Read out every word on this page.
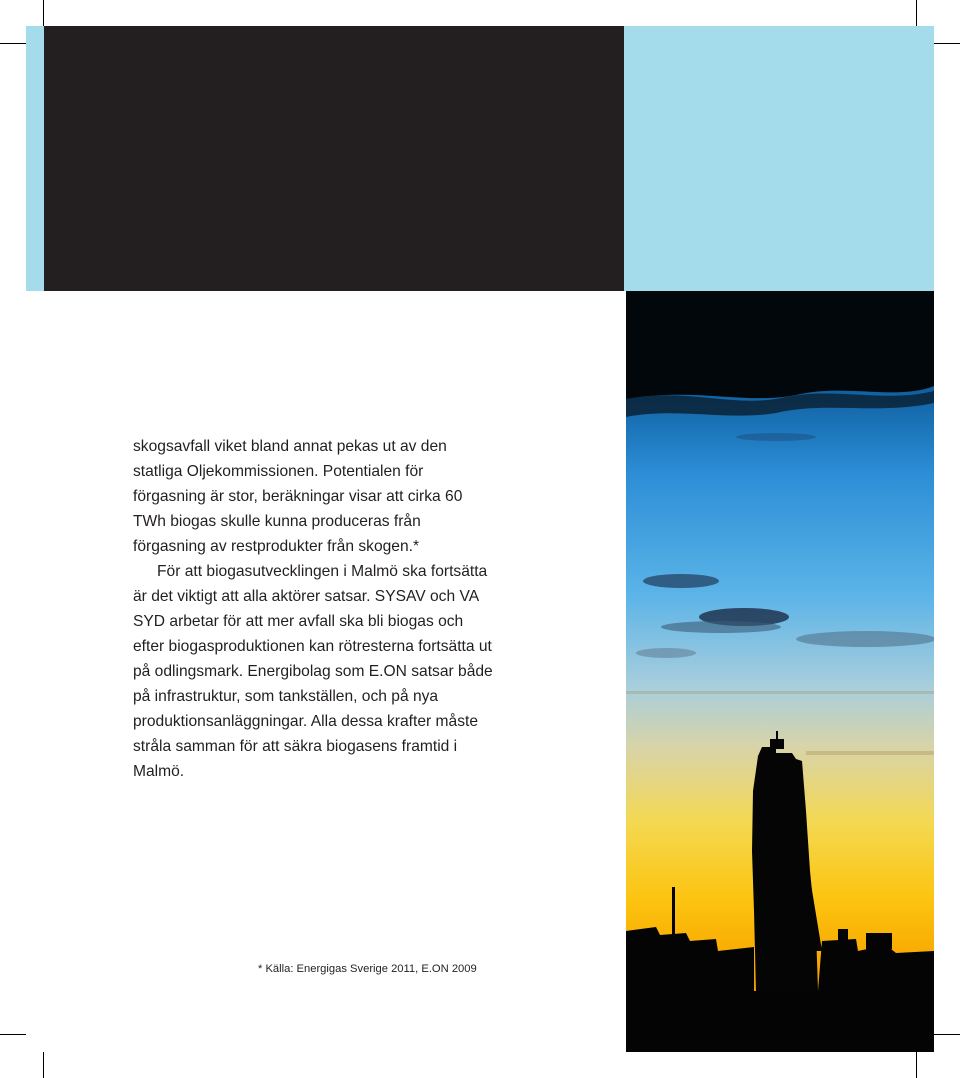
skogsavfall viket bland annat pekas ut av den statliga Oljekommissionen. Potentialen för förgasning är stor, beräkningar visar att cirka 60 TWh biogas skulle kunna produceras från förgasning av restprodukter från skogen.*

För att biogasutvecklingen i Malmö ska fortsätta är det viktigt att alla aktörer satsar. SYSAV och VA SYD arbetar för att mer avfall ska bli biogas och efter biogasproduktionen kan rötresterna fortsätta ut på odlingsmark. Energibolag som E.ON satsar både på infrastruktur, som tankställen, och på nya produktionsanläggningar. Alla dessa krafter måste stråla samman för att säkra biogasens framtid i Malmö.

* Källa: Energigas Sverige 2011, E.ON 2009
